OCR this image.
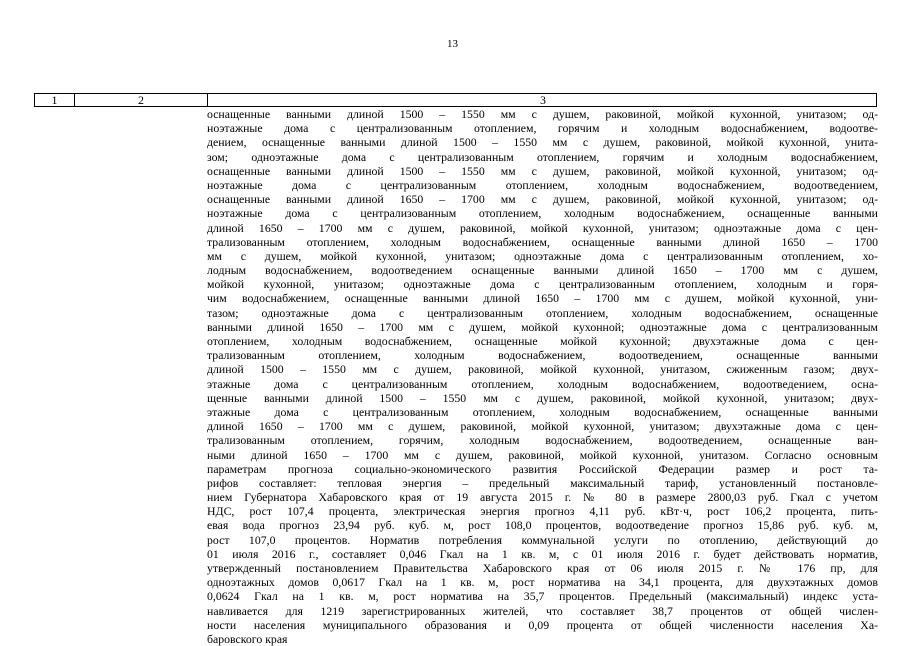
13
1	2	3
оснащенные ванными длиной 1500 – 1550 мм с душем, раковиной, мойкой кухонной, унитазом; од-
ноэтажные дома с централизованным отоплением, горячим и холодным водоснабжением, водоотве-
дением, оснащенные ванными длиной 1500 – 1550 мм с душем, раковиной, мойкой кухонной, унита-
зом; одноэтажные дома с централизованным отоплением, горячим и холодным водоснабжением,
оснащенные ванными длиной 1500 – 1550 мм с душем, раковиной, мойкой кухонной, унитазом; од-
ноэтажные дома с централизованным отоплением, холодным водоснабжением, водоотведением,
оснащенные ванными длиной 1650 – 1700 мм с душем, раковиной, мойкой кухонной, унитазом; од-
ноэтажные дома с централизованным отоплением, холодным водоснабжением, оснащенные ванными
длиной 1650 – 1700 мм с душем, раковиной, мойкой кухонной, унитазом; одноэтажные дома с цен-
трализованным отоплением, холодным водоснабжением, оснащенные ванными длиной 1650 – 1700
мм с душем, мойкой кухонной, унитазом; одноэтажные дома с централизованным отоплением, хо-
лодным водоснабжением, водоотведением оснащенные ванными длиной 1650 – 1700 мм с душем,
мойкой кухонной, унитазом; одноэтажные дома с централизованным отоплением, холодным и горя-
чим водоснабжением, оснащенные ванными длиной 1650 – 1700 мм с душем, мойкой кухонной, уни-
тазом; одноэтажные дома с централизованным отоплением, холодным водоснабжением, оснащенные
ванными длиной 1650 – 1700 мм с душем, мойкой кухонной; одноэтажные дома с централизованным
отоплением, холодным водоснабжением, оснащенные мойкой кухонной; двухэтажные дома с цен-
трализованным отоплением, холодным водоснабжением, водоотведением, оснащенные ванными
длиной 1500 – 1550 мм с душем, раковиной, мойкой кухонной, унитазом, сжиженным газом; двух-
этажные дома с централизованным отоплением, холодным водоснабжением, водоотведением, осна-
щенные ванными длиной 1500 – 1550 мм с душем, раковиной, мойкой кухонной, унитазом; двух-
этажные дома с централизованным отоплением, холодным водоснабжением, оснащенные ванными
длиной 1650 – 1700 мм с душем, раковиной, мойкой кухонной, унитазом; двухэтажные дома с цен-
трализованным отоплением, горячим, холодным водоснабжением, водоотведением, оснащенные ван-
ными длиной 1650 – 1700 мм с душем, раковиной, мойкой кухонной, унитазом. Согласно основным
параметрам прогноза социально-экономического развития Российской Федерации размер и рост та-
рифов составляет: тепловая энергия – предельный максимальный тариф, установленный постановле-
нием Губернатора Хабаровского края от 19 августа 2015 г. № 80 в размере 2800,03 руб. Гкал с учетом
НДС, рост 107,4 процента, электрическая энергия прогноз 4,11 руб. кВт·ч, рост 106,2 процента, пить-
евая вода прогноз 23,94 руб. куб. м, рост 108,0 процентов, водоотведение прогноз 15,86 руб. куб. м,
рост 107,0 процентов. Норматив потребления коммунальной услуги по отоплению, действующий до
01 июля 2016 г., составляет 0,046 Гкал на 1 кв. м, с 01 июля 2016 г. будет действовать норматив,
утвержденный постановлением Правительства Хабаровского края от 06 июля 2015 г. № 176 пр, для
одноэтажных домов 0,0617 Гкал на 1 кв. м, рост норматива на 34,1 процента, для двухэтажных домов
0,0624 Гкал на 1 кв. м, рост норматива на 35,7 процентов. Предельный (максимальный) индекс уста-
навливается для 1219 зарегистрированных жителей, что составляет 38,7 процентов от общей числен-
ности населения муниципального образования и 0,09 процента от общей численности населения Ха-
баровского края
